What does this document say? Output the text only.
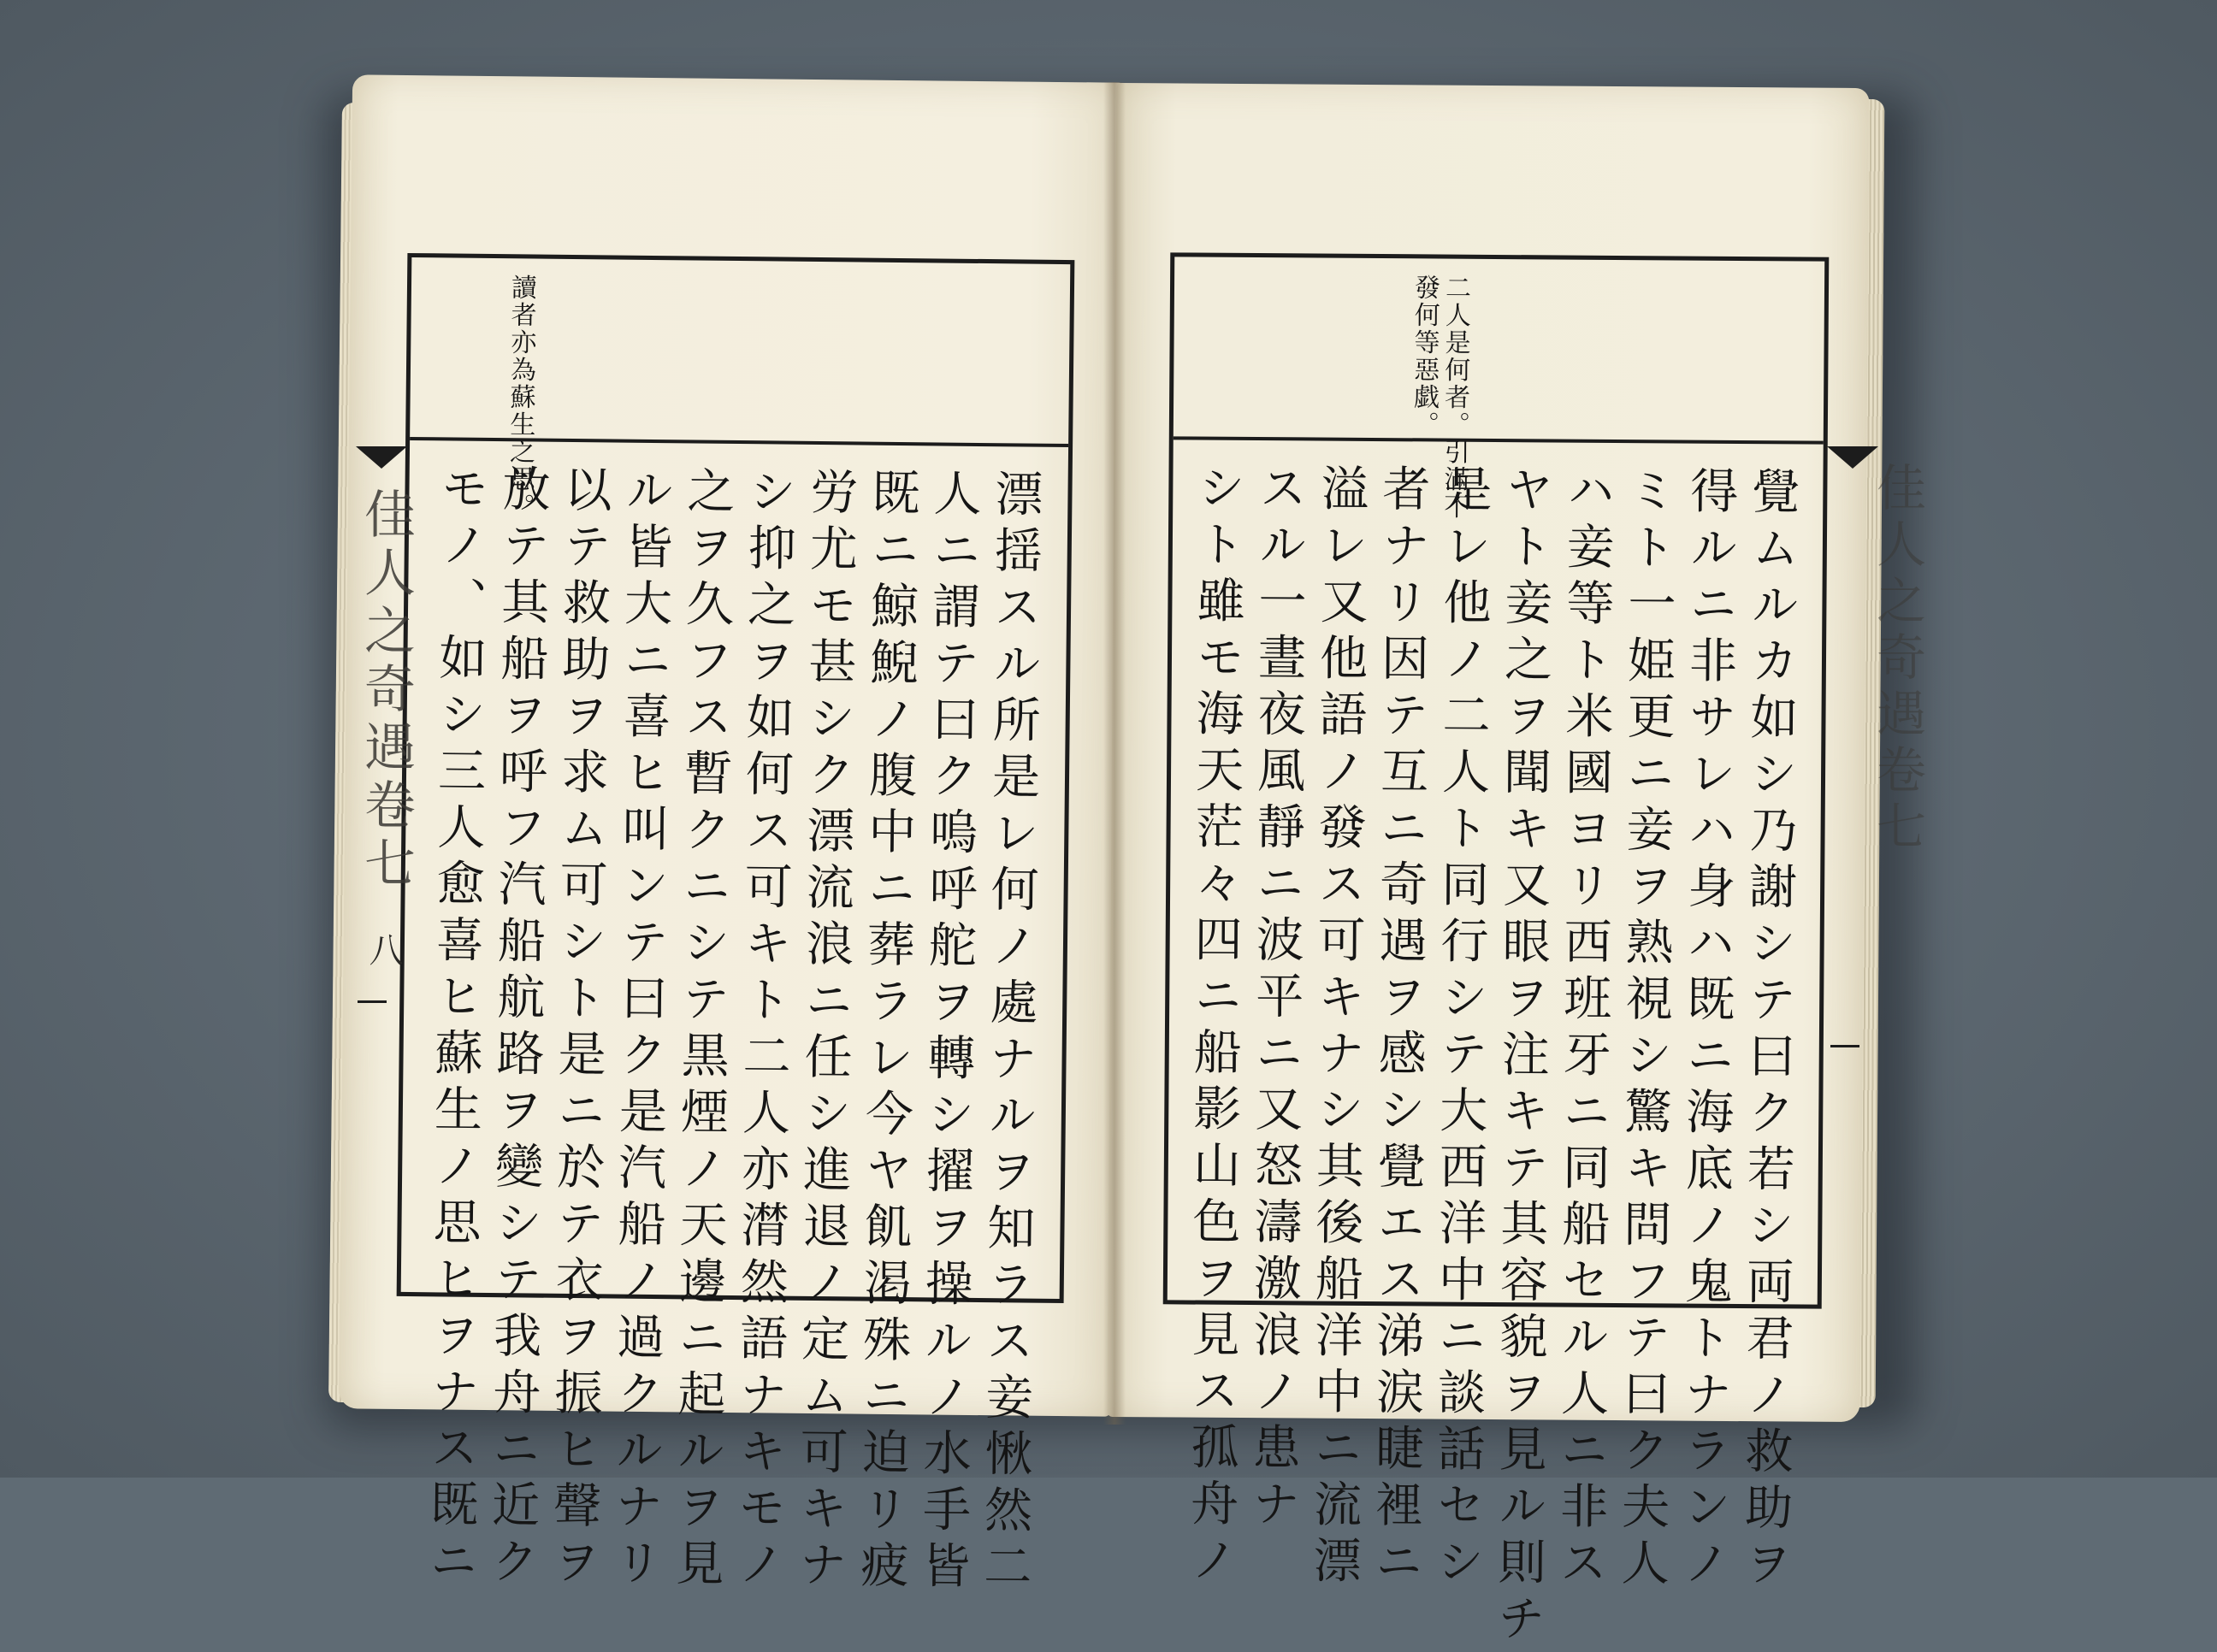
讀者亦為蘇生之思。
漂揺スル所是レ何ノ處ナルヲ知ラス妾愀然二
人ニ謂テ曰ク嗚呼舵ヲ轉シ擢ヲ操ルノ水手皆
既ニ鯨鯢ノ腹中ニ葬ラレ今ヤ飢渇殊ニ迫リ疲
労尤モ甚シク漂流浪ニ任シ進退ノ定ム可キナ
シ抑之ヲ如何ス可キト二人亦潸然語ナキモノ
之ヲ久フス暫クニシテ黒煙ノ天邊ニ起ルヲ見
ル皆大ニ喜ヒ叫ンテ曰ク是汽船ノ過クルナリ
以テ救助ヲ求ム可シト是ニ於テ衣ヲ振ヒ聲ヲ
放テ其船ヲ呼フ汽船航路ヲ變シテ我舟ニ近ク
モノ、如シ三人愈喜ヒ蘇生ノ思ヒヲナス既ニ
佳人之奇遇卷七
八
二人是何者。引滿不
發何等惡戯。
覺ムルカ如シ乃謝シテ曰ク若シ両君ノ救助ヲ
得ルニ非サレハ身ハ既ニ海底ノ鬼トナランノ
ミト一姫更ニ妾ヲ熟視シ驚キ問フテ曰ク夫人
ハ妾等ト米國ヨリ西班牙ニ同船セル人ニ非ス
ヤト妾之ヲ聞キ又眼ヲ注キテ其容貌ヲ見ル則チ
是レ他ノ二人ト同行シテ大西洋中ニ談話セシ
者ナリ因テ互ニ奇遇ヲ感シ覺エス涕涙睫裡ニ
溢レ又他語ノ發ス可キナシ其後船洋中ニ流漂
スル一晝夜風靜ニ波平ニ又怒濤激浪ノ患ナ
シト雖モ海天茫々四ニ船影山色ヲ見ス孤舟ノ	佳人之奇遇卷七
